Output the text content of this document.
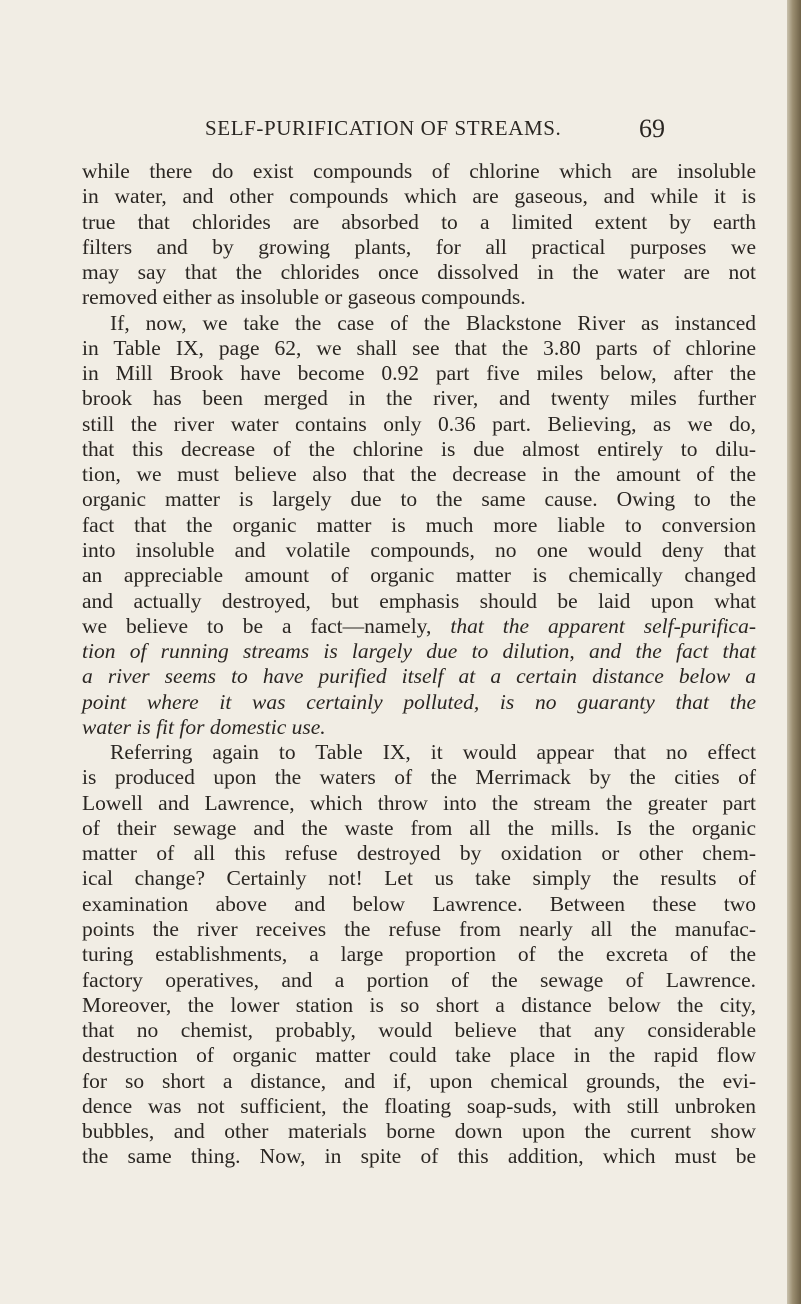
SELF-PURIFICATION OF STREAMS.	69
while there do exist compounds of chlorine which are insoluble
in water, and other compounds which are gaseous, and while it is
true that chlorides are absorbed to a limited extent by earth
filters and by growing plants, for all practical purposes we
may say that the chlorides once dissolved in the water are not
removed either as insoluble or gaseous compounds.
If, now, we take the case of the Blackstone River as instanced
in Table IX, page 62, we shall see that the 3.80 parts of chlorine
in Mill Brook have become 0.92 part five miles below, after the
brook has been merged in the river, and twenty miles further
still the river water contains only 0.36 part. Believing, as we do,
that this decrease of the chlorine is due almost entirely to dilu-
tion, we must believe also that the decrease in the amount of the
organic matter is largely due to the same cause. Owing to the
fact that the organic matter is much more liable to conversion
into insoluble and volatile compounds, no one would deny that
an appreciable amount of organic matter is chemically changed
and actually destroyed, but emphasis should be laid upon what
we believe to be a fact—namely, that the apparent self-purifica-
tion of running streams is largely due to dilution, and the fact that
a river seems to have purified itself at a certain distance below a
point where it was certainly polluted, is no guaranty that the
water is fit for domestic use.
Referring again to Table IX, it would appear that no effect
is produced upon the waters of the Merrimack by the cities of
Lowell and Lawrence, which throw into the stream the greater part
of their sewage and the waste from all the mills. Is the organic
matter of all this refuse destroyed by oxidation or other chem-
ical change? Certainly not! Let us take simply the results of
examination above and below Lawrence. Between these two
points the river receives the refuse from nearly all the manufac-
turing establishments, a large proportion of the excreta of the
factory operatives, and a portion of the sewage of Lawrence.
Moreover, the lower station is so short a distance below the city,
that no chemist, probably, would believe that any considerable
destruction of organic matter could take place in the rapid flow
for so short a distance, and if, upon chemical grounds, the evi-
dence was not sufficient, the floating soap-suds, with still unbroken
bubbles, and other materials borne down upon the current show
the same thing. Now, in spite of this addition, which must be
